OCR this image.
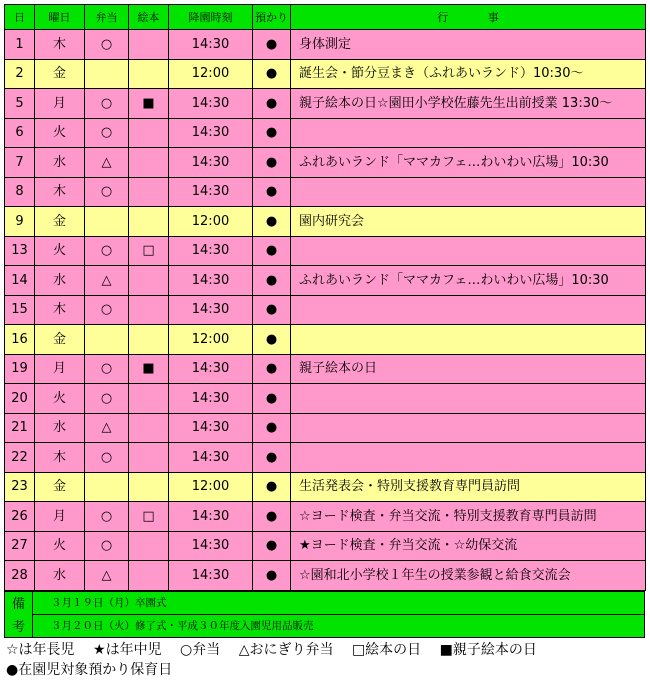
日	曜日	弁当	絵本	降園時刻	預かり	行 事
1	木	○		14:30	●	身体測定
2	金			12:00	●	誕生会・節分豆まき（ふれあいランド）10:30～
5	月	○	■	14:30	●	親子絵本の日☆園田小学校佐藤先生出前授業 13:30～
6	火	○		14:30	●	
7	水	△		14:30	●	ふれあいランド「ママカフェ…わいわい広場」10:30
8	木	○		14:30	●	
9	金			12:00	●	園内研究会
13	火	○	□	14:30	●	
14	水	△		14:30	●	ふれあいランド「ママカフェ…わいわい広場」10:30
15	木	○		14:30	●	
16	金			12:00	●	
19	月	○	■	14:30	●	親子絵本の日
20	火	○		14:30	●	
21	水	△		14:30	●	
22	木	○		14:30	●	
23	金			12:00	●	生活発表会・特別支援教育専門員訪問
26	月	○	□	14:30	●	☆ヨード検査・弁当交流・特別支援教育専門員訪問
27	火	○		14:30	●	★ヨード検査・弁当交流・☆幼保交流
28	水	△		14:30	●	☆園和北小学校１年生の授業参観と給食交流会
備	３月１９日（月）卒園式
考	３月２０日（火）修了式・平成３０年度入園児用品販売
☆は年長児 ★は年中児 ○弁当 △おにぎり弁当 □絵本の日 ■親子絵本の日
●在園児対象預かり保育日
